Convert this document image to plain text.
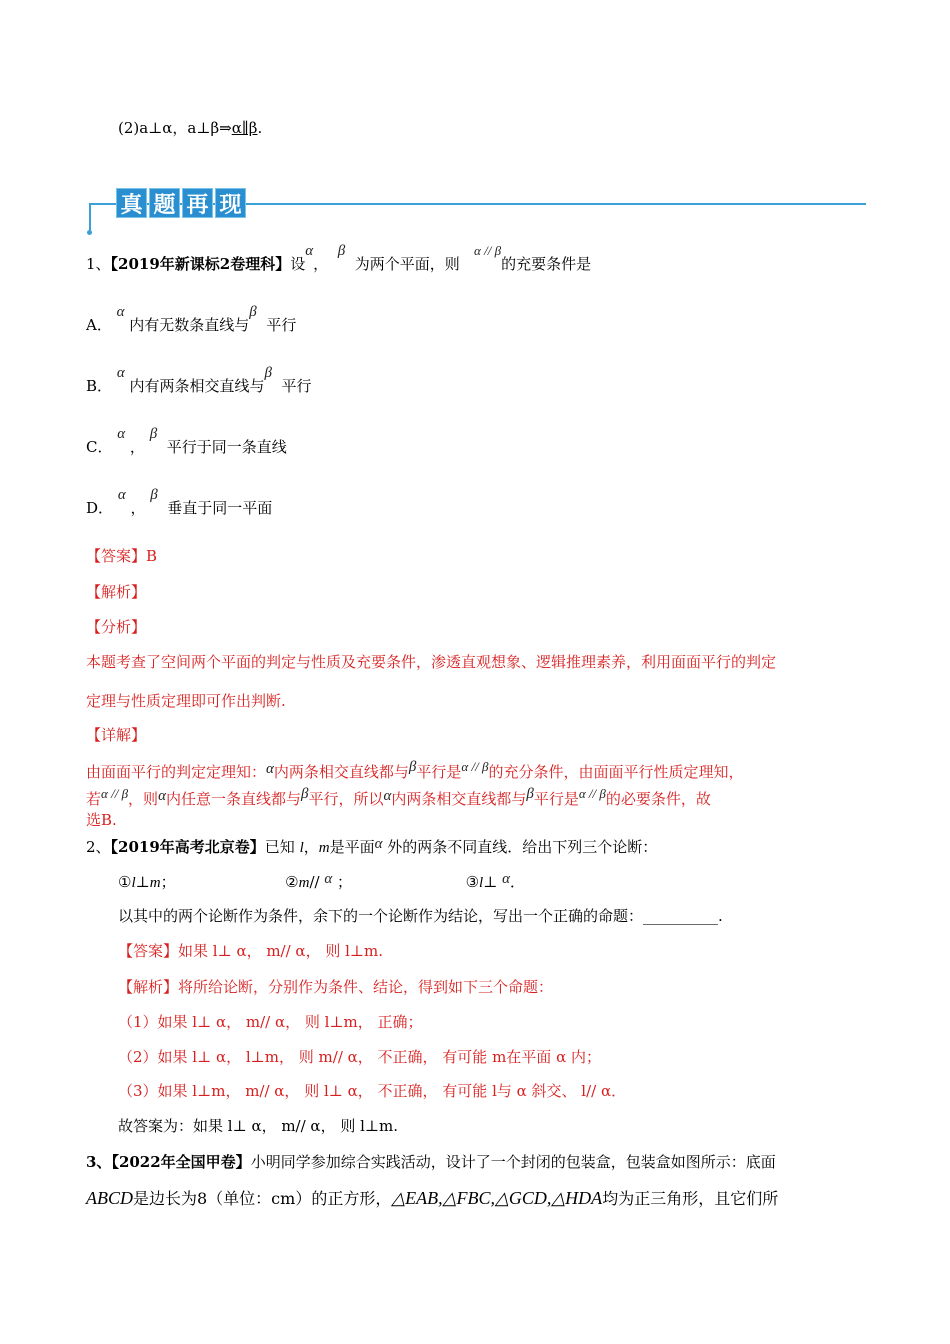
(2)a⊥α，a⊥β⇒α∥β.
真 题 再 现
1、【2019年新课标2卷理科】设α，  β  为两个平面，则   α // β的充要条件是
A． α 内有无数条直线与β  平行
B． α 内有两条相交直线与β  平行
C． α ， β  平行于同一条直线
D． α ， β  垂直于同一平面
【答案】B
【解析】
【分析】
本题考查了空间两个平面的判定与性质及充要条件，渗透直观想象、逻辑推理素养，利用面面平行的判定
定理与性质定理即可作出判断.
【详解】
由面面平行的判定定理知：α内两条相交直线都与β平行是α // β的充分条件，由面面平行性质定理知，
若α // β，则α内任意一条直线都与β平行，所以α内两条相交直线都与β平行是α // β的必要条件，故
选B.
2、【2019年高考北京卷】已知 l，m是平面α 外的两条不同直线．给出下列三个论断：
①l⊥m；	②m// α ；	③l⊥ α．
以其中的两个论断作为条件，余下的一个论断作为结论，写出一个正确的命题：__________.
【答案】如果 l⊥ α， m// α， 则 l⊥m.
【解析】将所给论断，分别作为条件、结论，得到如下三个命题：
（1）如果 l⊥ α， m// α， 则 l⊥m， 正确；
（2）如果 l⊥ α， l⊥m， 则 m// α， 不正确， 有可能 m在平面 α 内；
（3）如果 l⊥m， m// α， 则 l⊥ α， 不正确， 有可能 l与 α 斜交、 l// α．
故答案为：如果 l⊥ α， m// α， 则 l⊥m.
3、【2022年全国甲卷】小明同学参加综合实践活动，设计了一个封闭的包装盒，包装盒如图所示：底面
ABCD是边长为8（单位：cm）的正方形，△EAB,△FBC,△GCD,△HDA均为正三角形，且它们所
